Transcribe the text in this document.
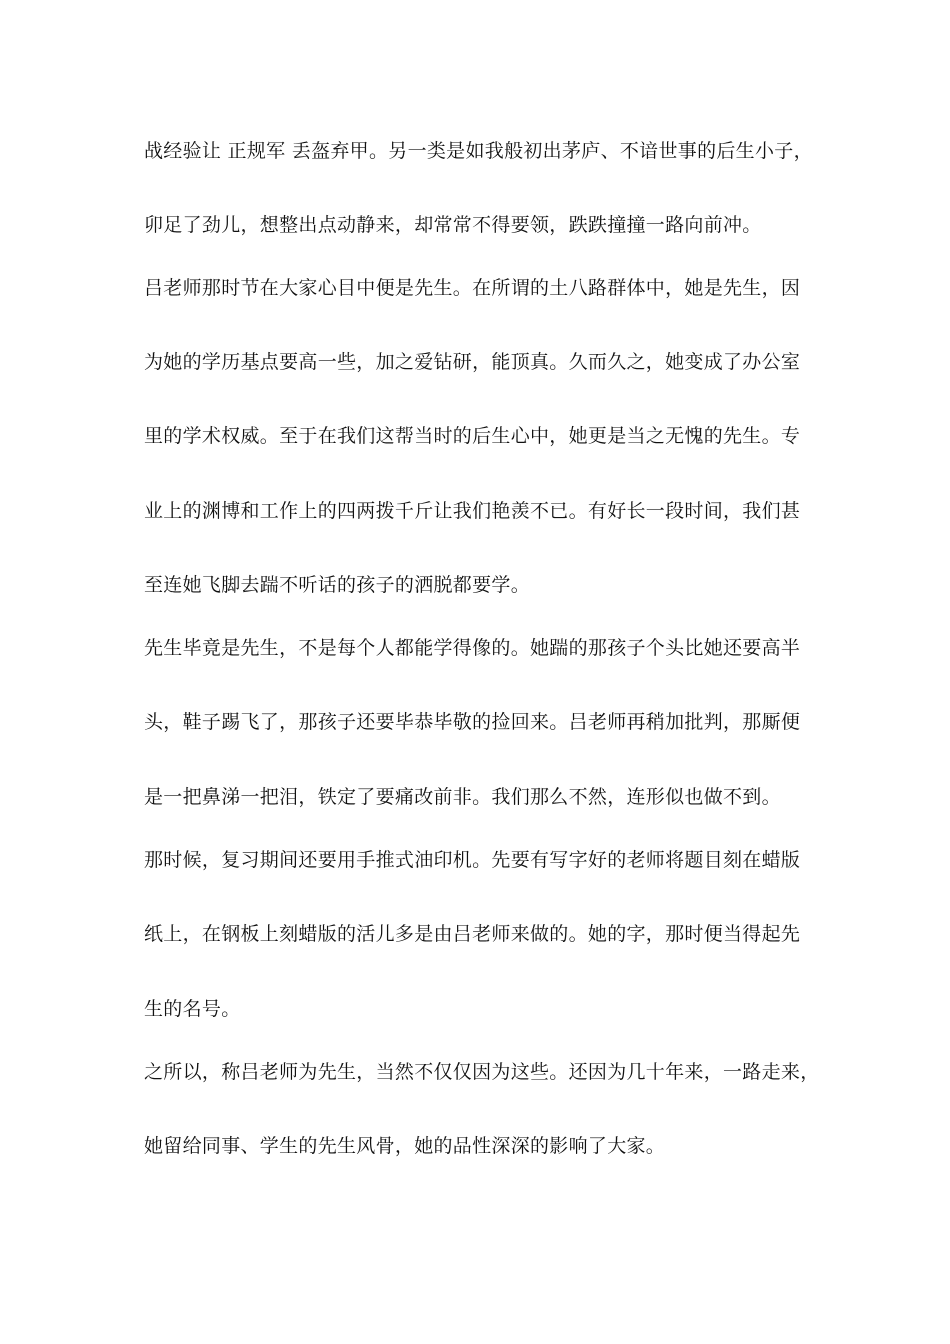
战经验让 正规军 丢盔弃甲。另一类是如我般初出茅庐、不谙世事的后生小子，
卯足了劲儿，想整出点动静来，却常常不得要领，跌跌撞撞一路向前冲。
吕老师那时节在大家心目中便是先生。在所谓的土八路群体中，她是先生，因
为她的学历基点要高一些，加之爱钻研，能顶真。久而久之，她变成了办公室
里的学术权威。至于在我们这帮当时的后生心中，她更是当之无愧的先生。专
业上的渊博和工作上的四两拨千斤让我们艳羡不已。有好长一段时间，我们甚
至连她飞脚去踹不听话的孩子的洒脱都要学。
先生毕竟是先生，不是每个人都能学得像的。她踹的那孩子个头比她还要高半
头，鞋子踢飞了，那孩子还要毕恭毕敬的捡回来。吕老师再稍加批判，那厮便
是一把鼻涕一把泪，铁定了要痛改前非。我们那么不然，连形似也做不到。
那时候，复习期间还要用手推式油印机。先要有写字好的老师将题目刻在蜡版
纸上，在钢板上刻蜡版的活儿多是由吕老师来做的。她的字，那时便当得起先
生的名号。
之所以，称吕老师为先生，当然不仅仅因为这些。还因为几十年来，一路走来，
她留给同事、学生的先生风骨，她的品性深深的影响了大家。
